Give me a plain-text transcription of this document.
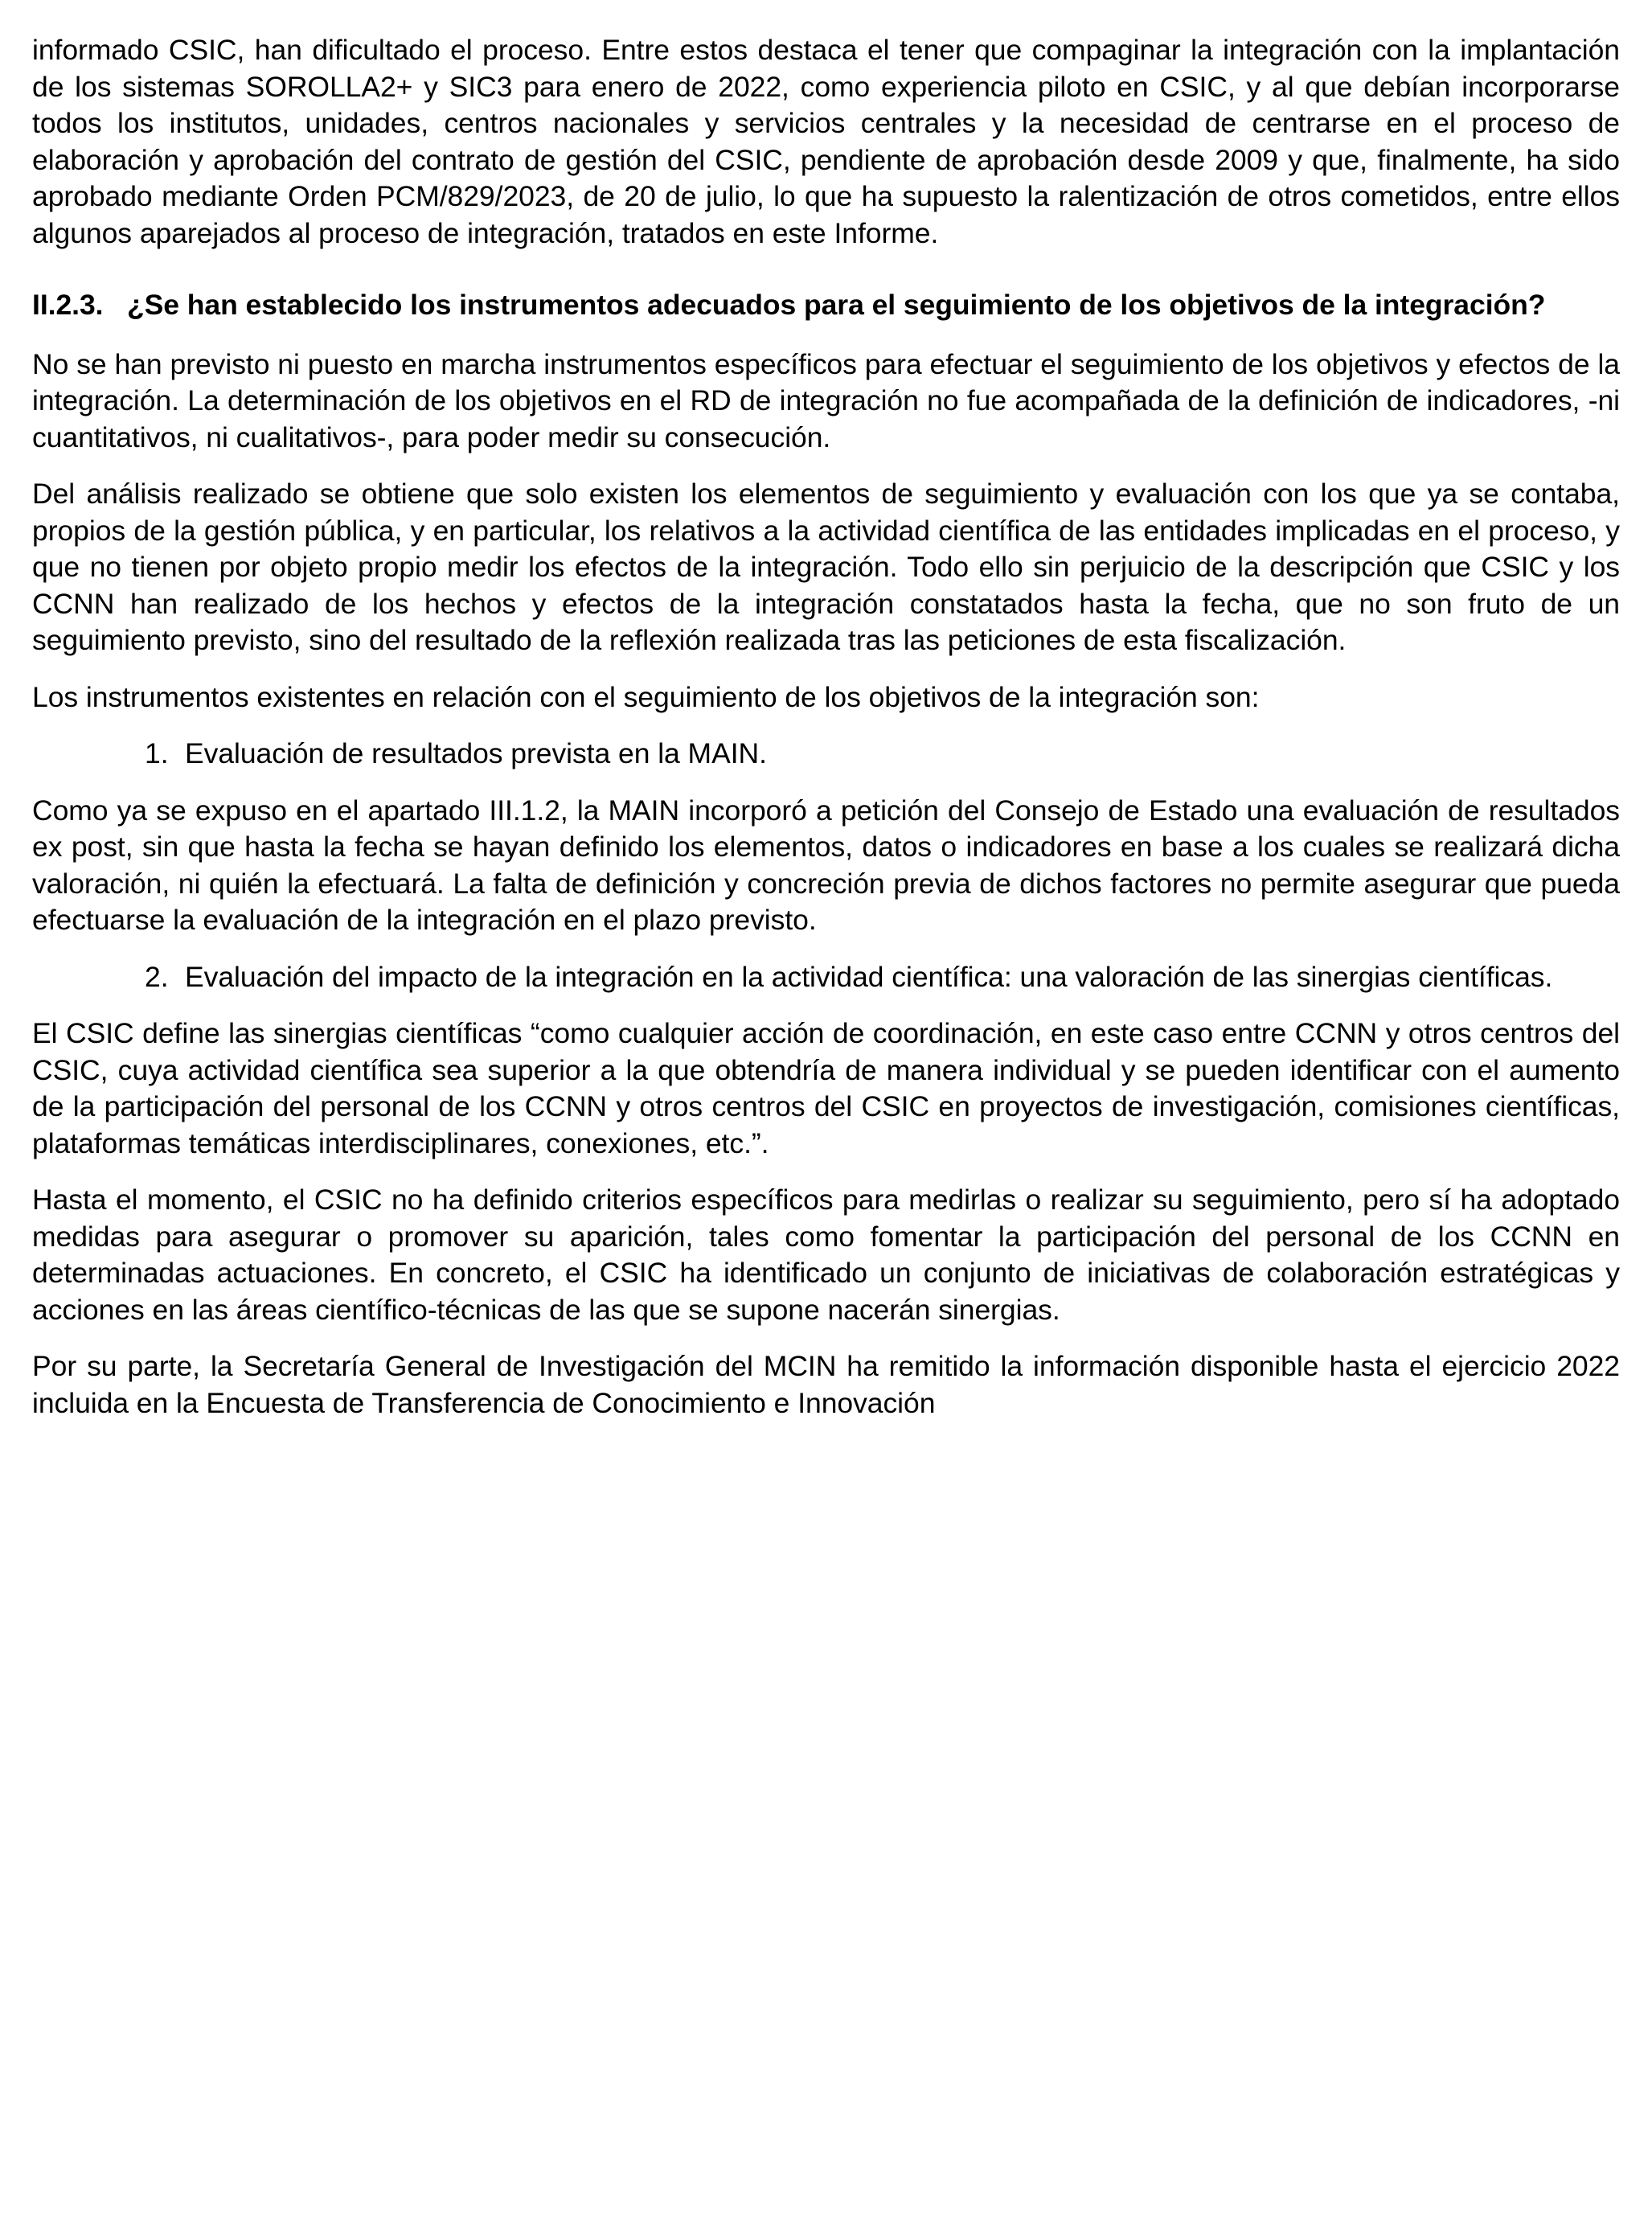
informado CSIC, han dificultado el proceso. Entre estos destaca el tener que compaginar la integración con la implantación de los sistemas SOROLLA2+ y SIC3 para enero de 2022, como experiencia piloto en CSIC, y al que debían incorporarse todos los institutos, unidades, centros nacionales y servicios centrales y la necesidad de centrarse en el proceso de elaboración y aprobación del contrato de gestión del CSIC, pendiente de aprobación desde 2009 y que, finalmente, ha sido aprobado mediante Orden PCM/829/2023, de 20 de julio, lo que ha supuesto la ralentización de otros cometidos, entre ellos algunos aparejados al proceso de integración, tratados en este Informe.

II.2.3. ¿Se han establecido los instrumentos adecuados para el seguimiento de los objetivos de la integración?

No se han previsto ni puesto en marcha instrumentos específicos para efectuar el seguimiento de los objetivos y efectos de la integración. La determinación de los objetivos en el RD de integración no fue acompañada de la definición de indicadores, -ni cuantitativos, ni cualitativos-, para poder medir su consecución.

Del análisis realizado se obtiene que solo existen los elementos de seguimiento y evaluación con los que ya se contaba, propios de la gestión pública, y en particular, los relativos a la actividad científica de las entidades implicadas en el proceso, y que no tienen por objeto propio medir los efectos de la integración. Todo ello sin perjuicio de la descripción que CSIC y los CCNN han realizado de los hechos y efectos de la integración constatados hasta la fecha, que no son fruto de un seguimiento previsto, sino del resultado de la reflexión realizada tras las peticiones de esta fiscalización.

Los instrumentos existentes en relación con el seguimiento de los objetivos de la integración son:

1. Evaluación de resultados prevista en la MAIN.

Como ya se expuso en el apartado III.1.2, la MAIN incorporó a petición del Consejo de Estado una evaluación de resultados ex post, sin que hasta la fecha se hayan definido los elementos, datos o indicadores en base a los cuales se realizará dicha valoración, ni quién la efectuará. La falta de definición y concreción previa de dichos factores no permite asegurar que pueda efectuarse la evaluación de la integración en el plazo previsto.

2. Evaluación del impacto de la integración en la actividad científica: una valoración de las sinergias científicas.

El CSIC define las sinergias científicas “como cualquier acción de coordinación, en este caso entre CCNN y otros centros del CSIC, cuya actividad científica sea superior a la que obtendría de manera individual y se pueden identificar con el aumento de la participación del personal de los CCNN y otros centros del CSIC en proyectos de investigación, comisiones científicas, plataformas temáticas interdisciplinares, conexiones, etc.”.

Hasta el momento, el CSIC no ha definido criterios específicos para medirlas o realizar su seguimiento, pero sí ha adoptado medidas para asegurar o promover su aparición, tales como fomentar la participación del personal de los CCNN en determinadas actuaciones. En concreto, el CSIC ha identificado un conjunto de iniciativas de colaboración estratégicas y acciones en las áreas científico-técnicas de las que se supone nacerán sinergias.

Por su parte, la Secretaría General de Investigación del MCIN ha remitido la información disponible hasta el ejercicio 2022 incluida en la Encuesta de Transferencia de Conocimiento e Innovación
